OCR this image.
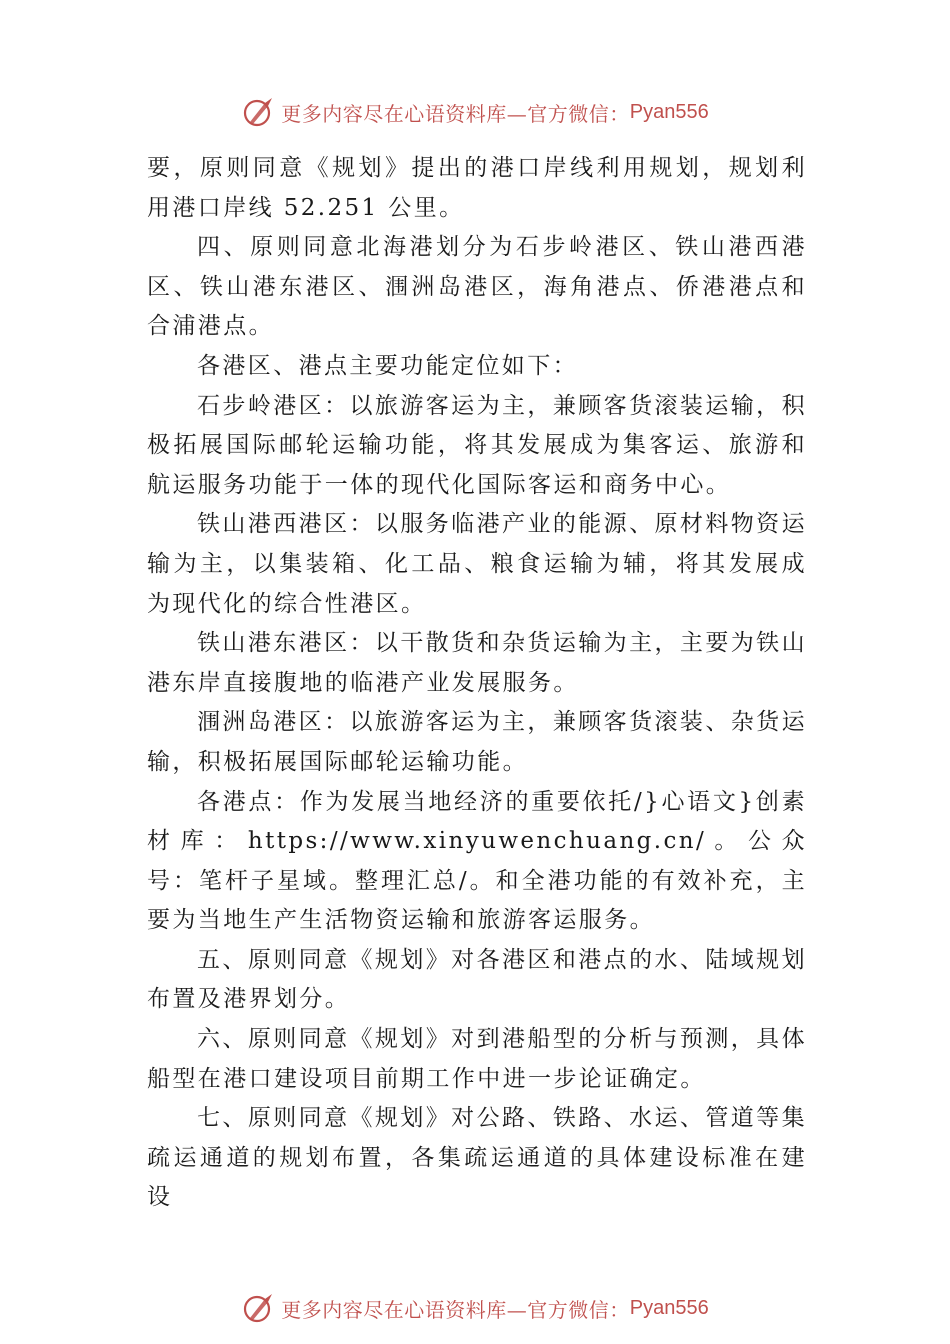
更多内容尽在心语资料库—官方微信： Pyan556

要，原则同意《规划》提出的港口岸线利用规划，规划利用港口岸线 52.251 公里。

四、原则同意北海港划分为石步岭港区、铁山港西港区、铁山港东港区、涠洲岛港区，海角港点、侨港港点和合浦港点。

各港区、港点主要功能定位如下：

石步岭港区：以旅游客运为主，兼顾客货滚装运输，积极拓展国际邮轮运输功能，将其发展成为集客运、旅游和航运服务功能于一体的现代化国际客运和商务中心。

铁山港西港区：以服务临港产业的能源、原材料物资运输为主，以集装箱、化工品、粮食运输为辅，将其发展成为现代化的综合性港区。

铁山港东港区：以干散货和杂货运输为主，主要为铁山港东岸直接腹地的临港产业发展服务。

涠洲岛港区：以旅游客运为主，兼顾客货滚装、杂货运输，积极拓展国际邮轮运输功能。

各港点：作为发展当地经济的重要依托/}心语文}创素材库：https://www.xinyuwenchuang.cn/。公众号：笔杆子星域。整理汇总/。和全港功能的有效补充，主要为当地生产生活物资运输和旅游客运服务。

五、原则同意《规划》对各港区和港点的水、陆域规划布置及港界划分。

六、原则同意《规划》对到港船型的分析与预测，具体船型在港口建设项目前期工作中进一步论证确定。

七、原则同意《规划》对公路、铁路、水运、管道等集疏运通道的规划布置，各集疏运通道的具体建设标准在建设

更多内容尽在心语资料库—官方微信： Pyan556
